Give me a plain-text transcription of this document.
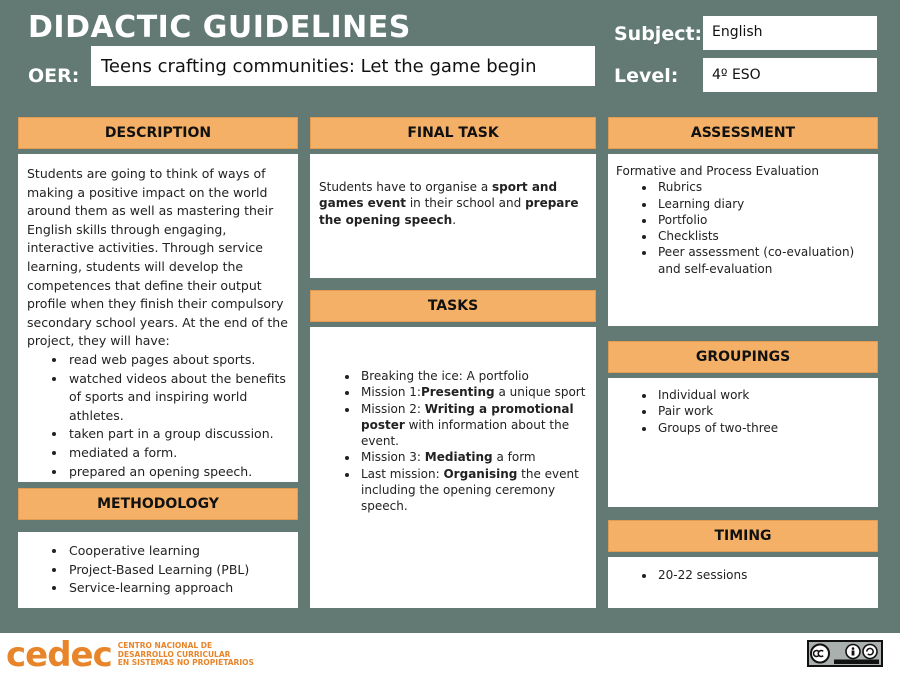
DIDACTIC GUIDELINES
OER:	Teens crafting communities: Let the game begin
Subject: English
Level:	4º ESO
DESCRIPTION

Students are going to think of ways of making a positive impact on the world around them as well as mastering their English skills through engaging, interactive activities. Through service learning, students will develop the competences that define their output profile when they finish their compulsory secondary school years. At the end of the project, they will have:

• read web pages about sports.
• watched videos about the benefits of sports and inspiring world athletes.
• taken part in a group discussion.
• mediated a form.
• prepared an opening speech.
METHODOLOGY
• Cooperative learning
• Project-Based Learning (PBL)
• Service-learning approach
FINAL TASK

Students have to organise a sport and games event in their school and prepare the opening speech.

TASKS
• Breaking the ice: A portfolio
• Mission 1:Presenting a unique sport
• Mission 2: Writing a promotional poster with information about the event.
• Mission 3: Mediating a form
• Last mission: Organising the event including the opening ceremony speech.
ASSESSMENT

Formative and Process Evaluation

• Rubrics
• Learning diary
• Portfolio
• Checklists
• Peer assessment (co-evaluation) and self-evaluation
GROUPINGS
• Individual work
• Pair work
• Groups of two-three
TIMING
• 20-22 sessions
cedec CENTRO NACIONAL DE
DESARROLLO CURRICULAR
EN SISTEMAS NO PROPIETARIOS
